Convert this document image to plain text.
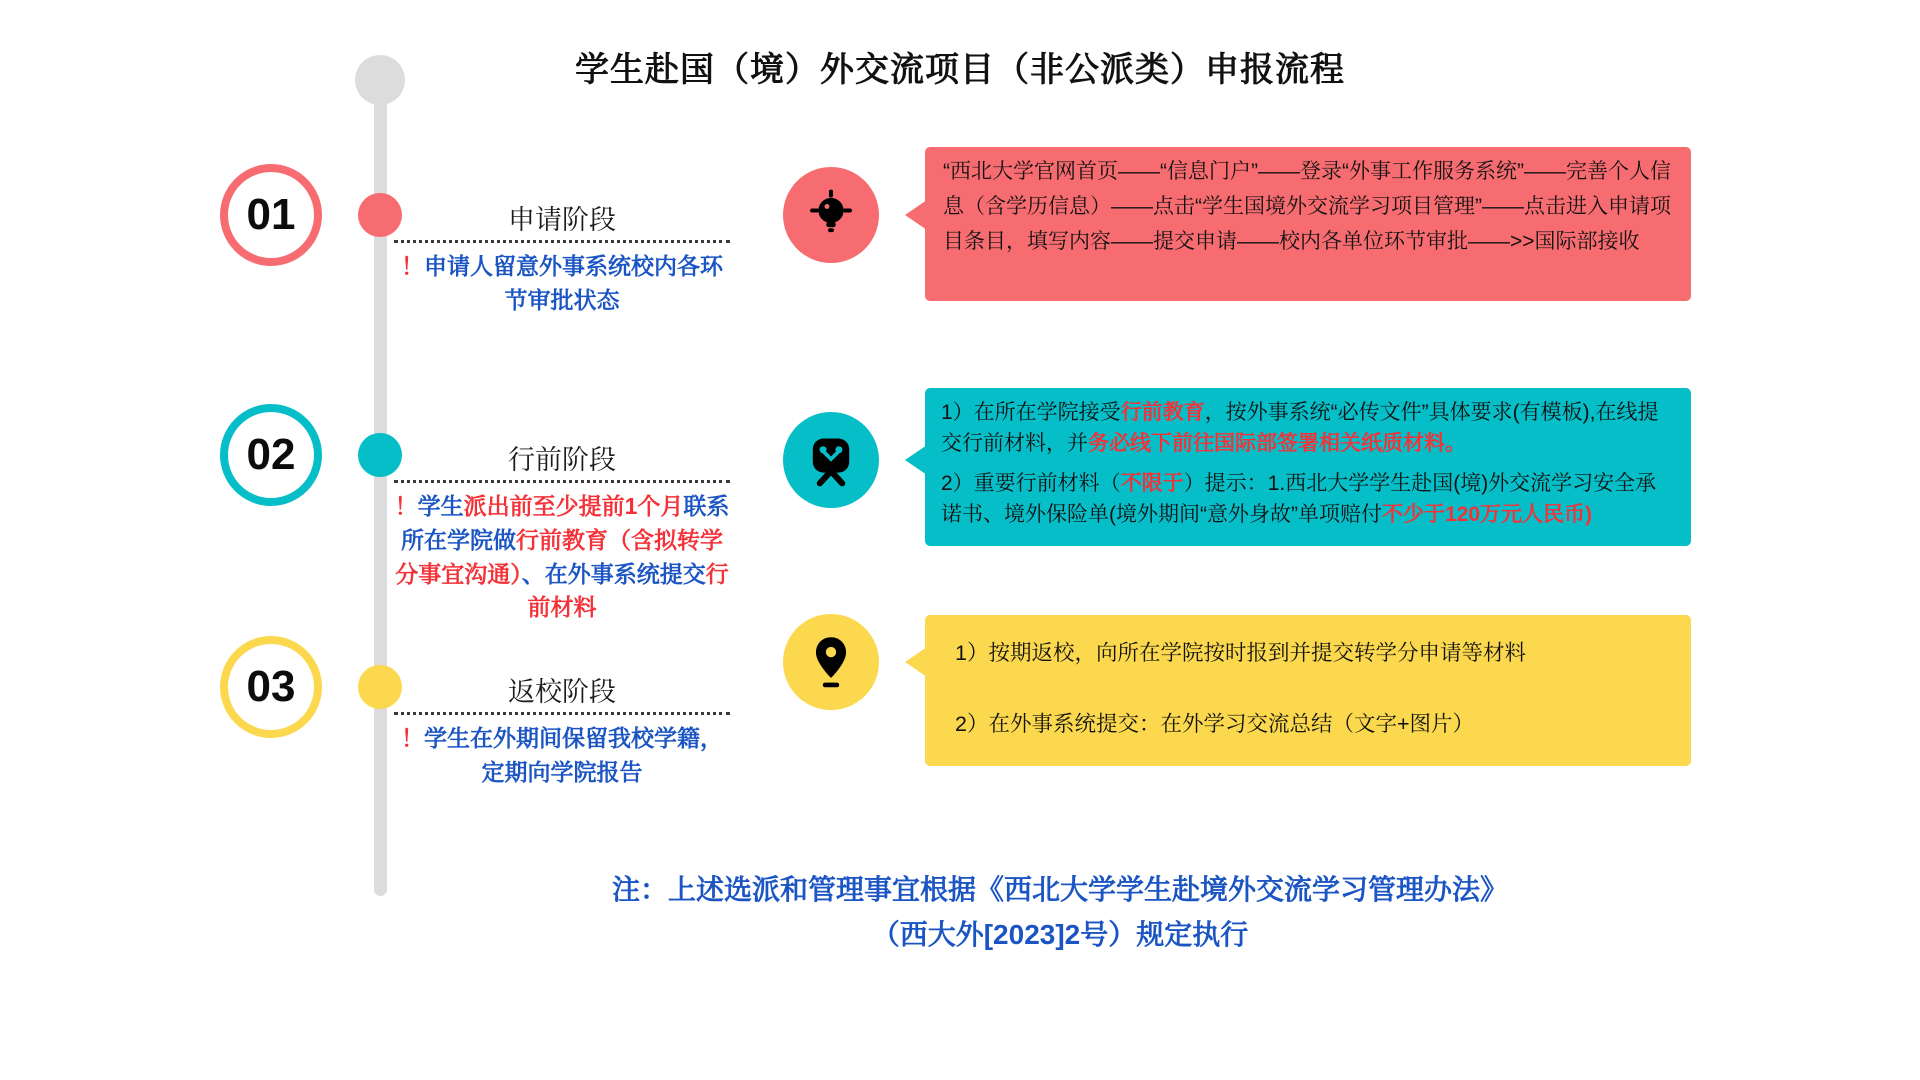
学生赴国（境）外交流项目（非公派类）申报流程
01	申请阶段
！申请人留意外事系统校内各环节审批状态

“西北大学官网首页——“信息门户”——登录“外事工作服务系统”——完善个人信息（含学历信息）——点击“学生国境外交流学习项目管理”——点击进入申请项目条目，填写内容——提交申请——校内各单位环节审批——>>国际部接收

02	行前阶段
！学生派出前至少提前1个月联系所在学院做行前教育（含拟转学分事宜沟通）、在外事系统提交行前材料

1）在所在学院接受行前教育，按外事系统“必传文件”具体要求(有模板),在线提交行前材料，并务必线下前往国际部签署相关纸质材料。

2）重要行前材料（不限于）提示：1.西北大学学生赴国(境)外交流学习安全承诺书、境外保险单(境外期间“意外身故”单项赔付不少于120万元人民币)

03	返校阶段
！学生在外期间保留我校学籍，定期向学院报告

1）按期返校，向所在学院按时报到并提交转学分申请等材料

2）在外事系统提交：在外学习交流总结（文字+图片）

注：上述选派和管理事宜根据《西北大学学生赴境外交流学习管理办法》
（西大外[2023]2号）规定执行
